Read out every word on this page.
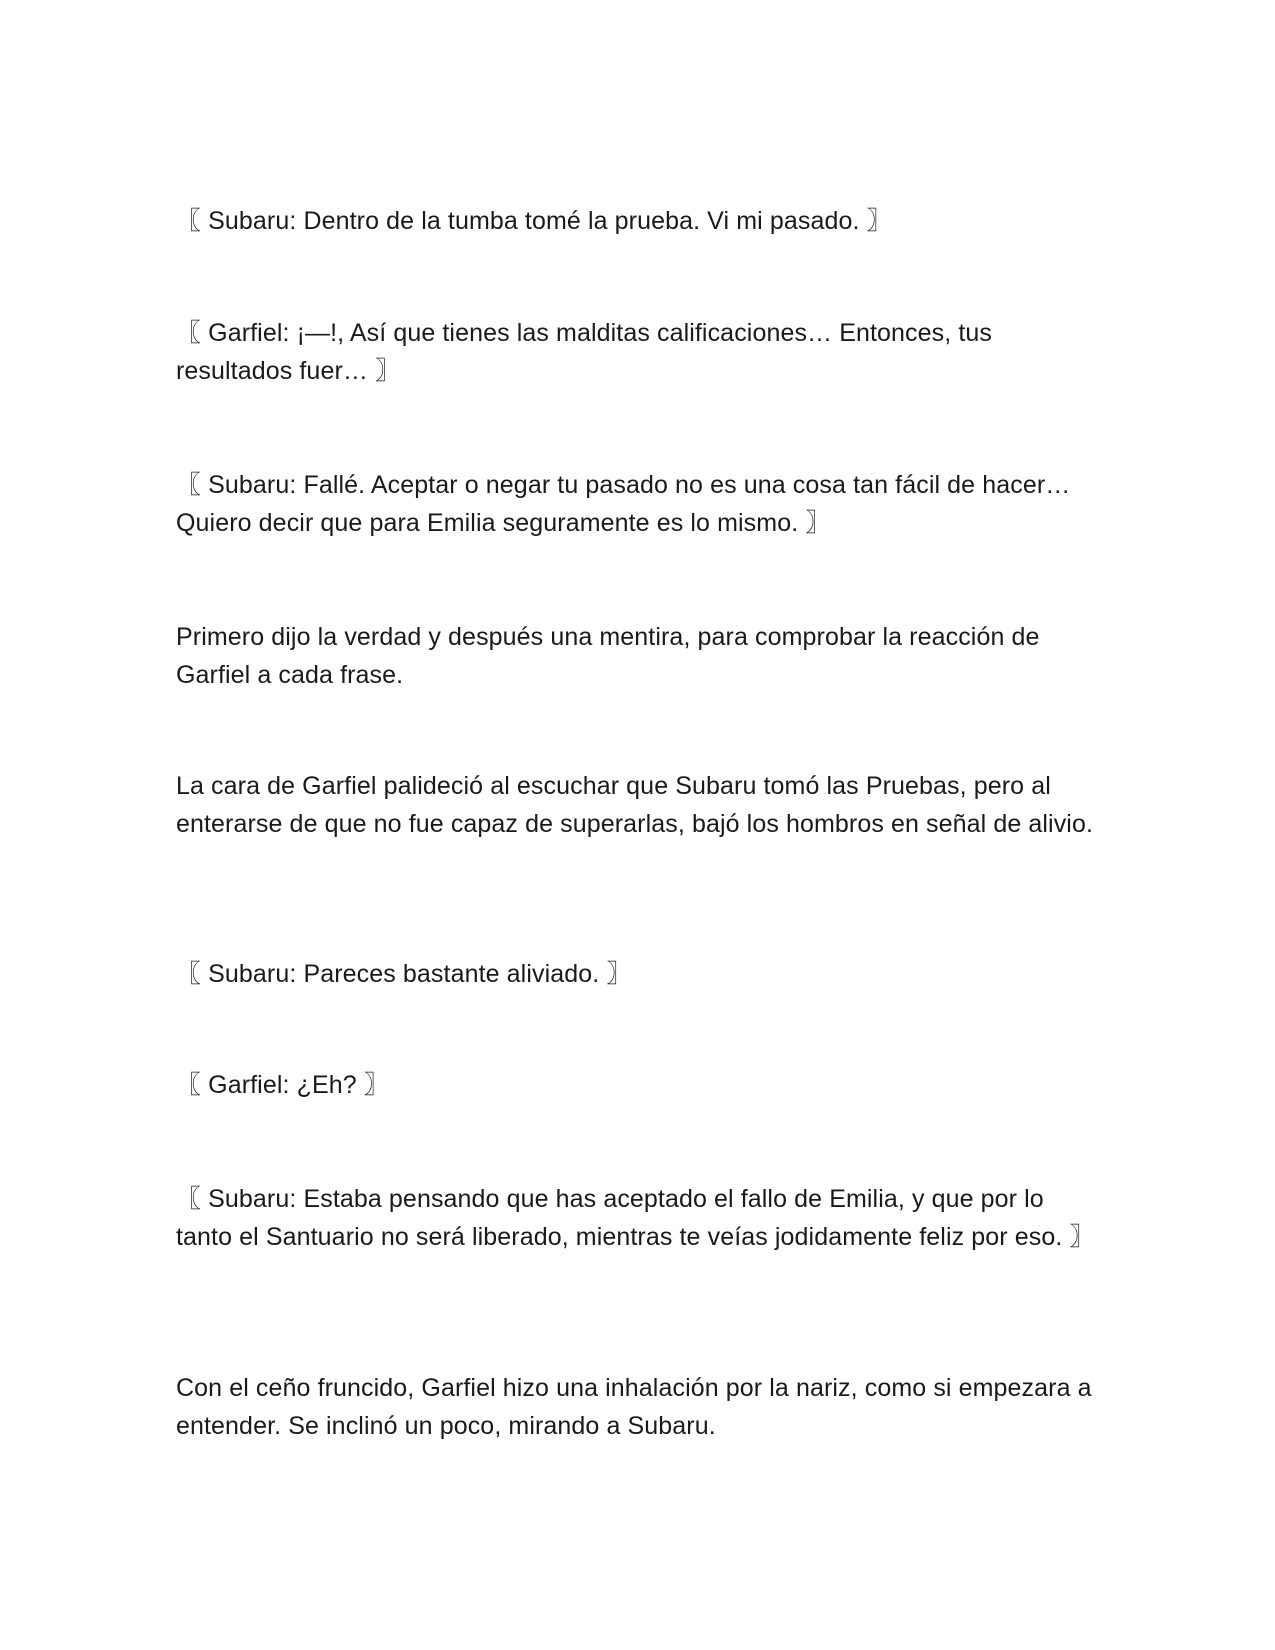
〖 Subaru: Dentro de la tumba tomé la prueba. Vi mi pasado. 〗

〖 Garfiel: ¡—!, Así que tienes las malditas calificaciones… Entonces, tus resultados fuer… 〗

〖 Subaru: Fallé. Aceptar o negar tu pasado no es una cosa tan fácil de hacer… Quiero decir que para Emilia seguramente es lo mismo. 〗

Primero dijo la verdad y después una mentira, para comprobar la reacción de Garfiel a cada frase.

La cara de Garfiel palideció al escuchar que Subaru tomó las Pruebas, pero al enterarse de que no fue capaz de superarlas, bajó los hombros en señal de alivio.

〖 Subaru: Pareces bastante aliviado. 〗

〖 Garfiel: ¿Eh? 〗

〖 Subaru: Estaba pensando que has aceptado el fallo de Emilia, y que por lo tanto el Santuario no será liberado, mientras te veías jodidamente feliz por eso. 〗

Con el ceño fruncido, Garfiel hizo una inhalación por la nariz, como si empezara a entender. Se inclinó un poco, mirando a Subaru.
